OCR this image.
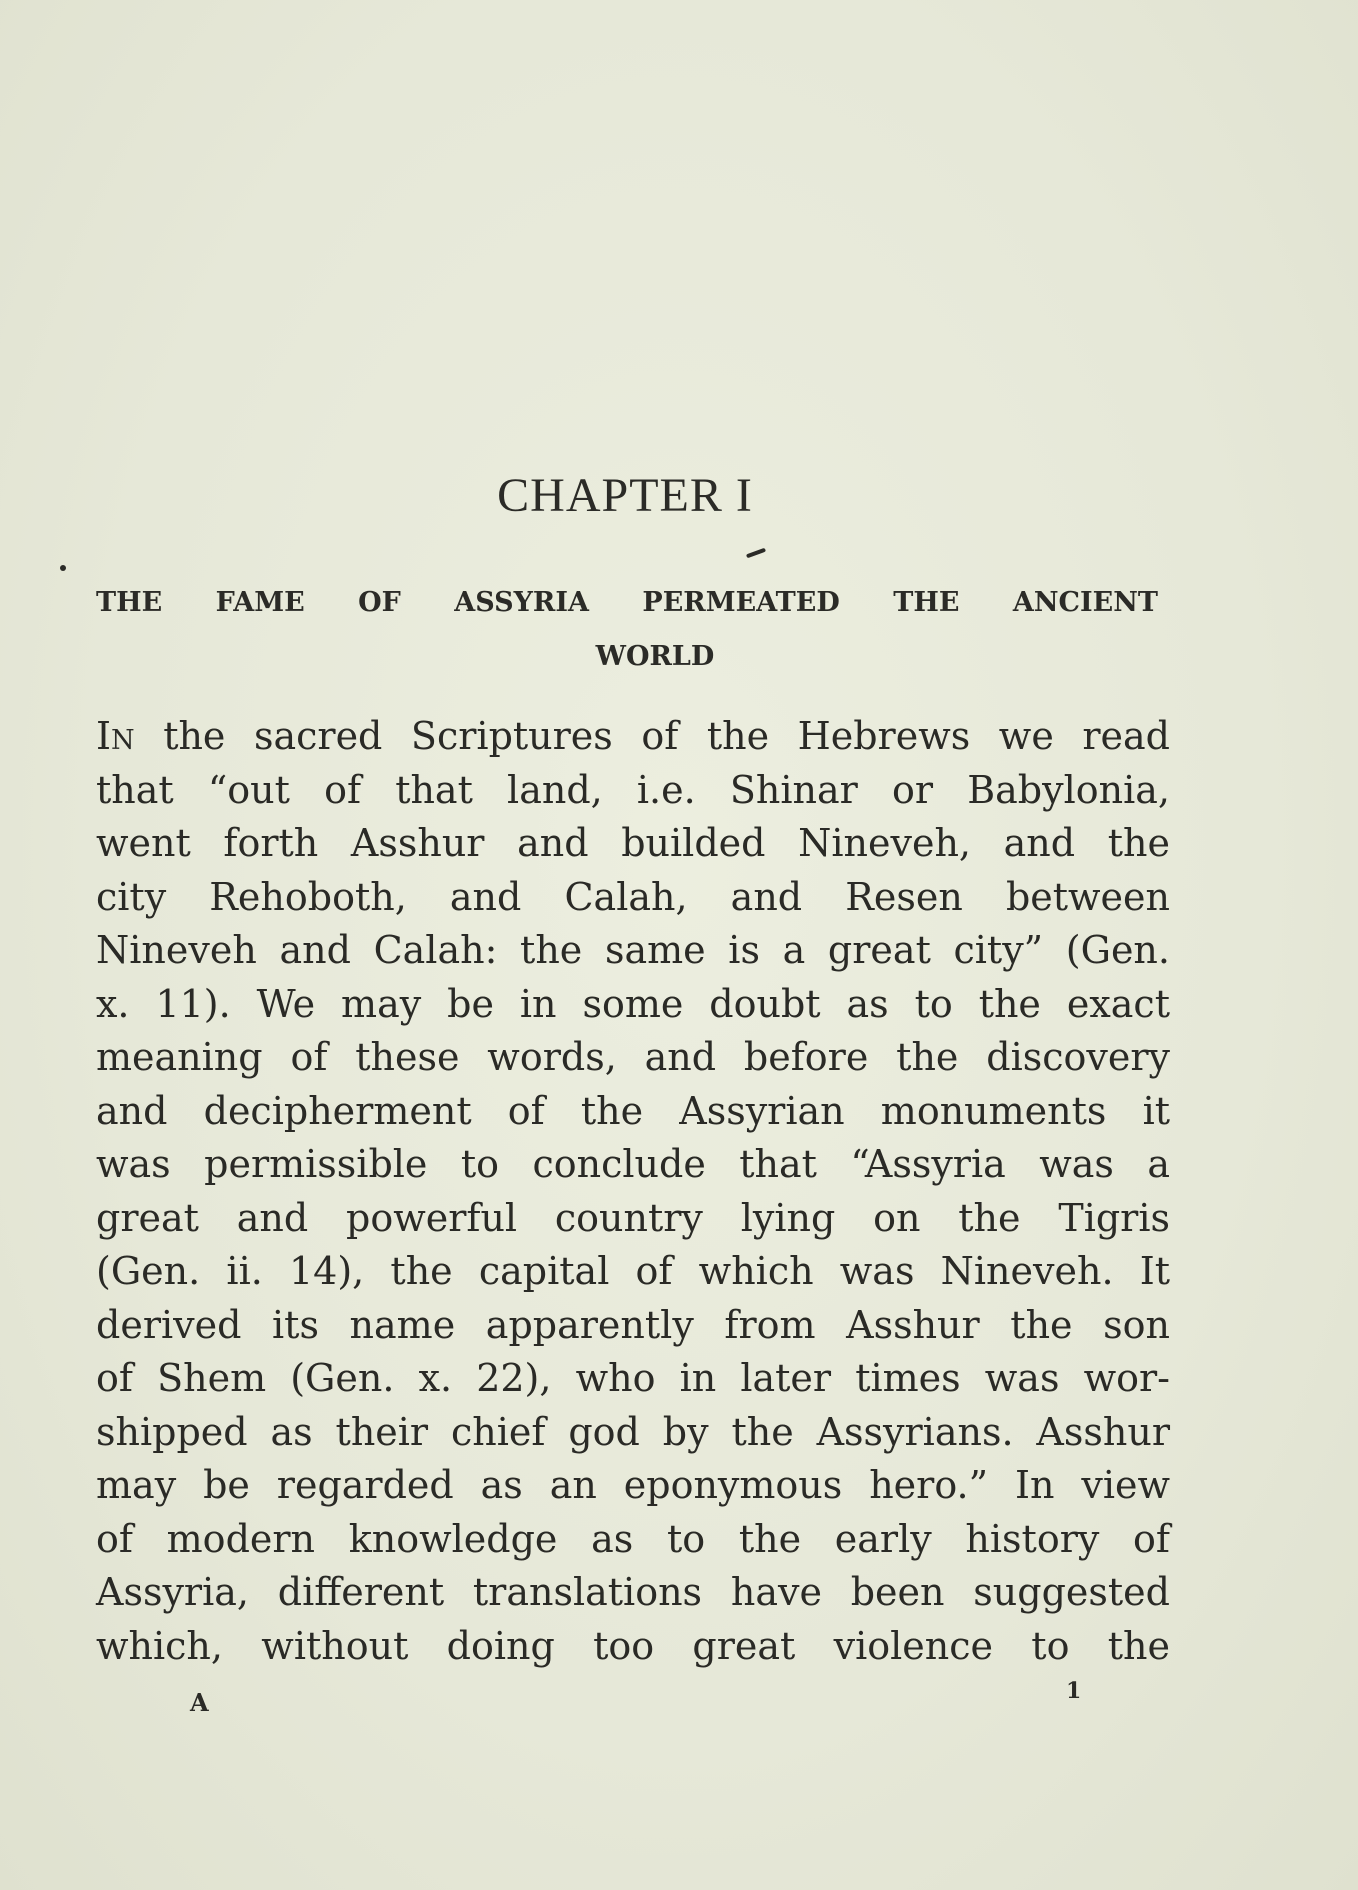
CHAPTER I
THE FAME OF ASSYRIA PERMEATED THE ANCIENT
WORLD
In the sacred Scriptures of the Hebrews we read
that “out of that land, i.e. Shinar or Babylonia,
went forth Asshur and builded Nineveh, and the
city Rehoboth, and Calah, and Resen between
Nineveh and Calah: the same is a great city” (Gen.
x. 11). We may be in some doubt as to the exact
meaning of these words, and before the discovery
and decipherment of the Assyrian monuments it
was permissible to conclude that “Assyria was a
great and powerful country lying on the Tigris
(Gen. ii. 14), the capital of which was Nineveh. It
derived its name apparently from Asshur the son
of Shem (Gen. x. 22), who in later times was wor-
shipped as their chief god by the Assyrians. Asshur
may be regarded as an eponymous hero.” In view
of modern knowledge as to the early history of
Assyria, different translations have been suggested
which, without doing too great violence to the
A	1
